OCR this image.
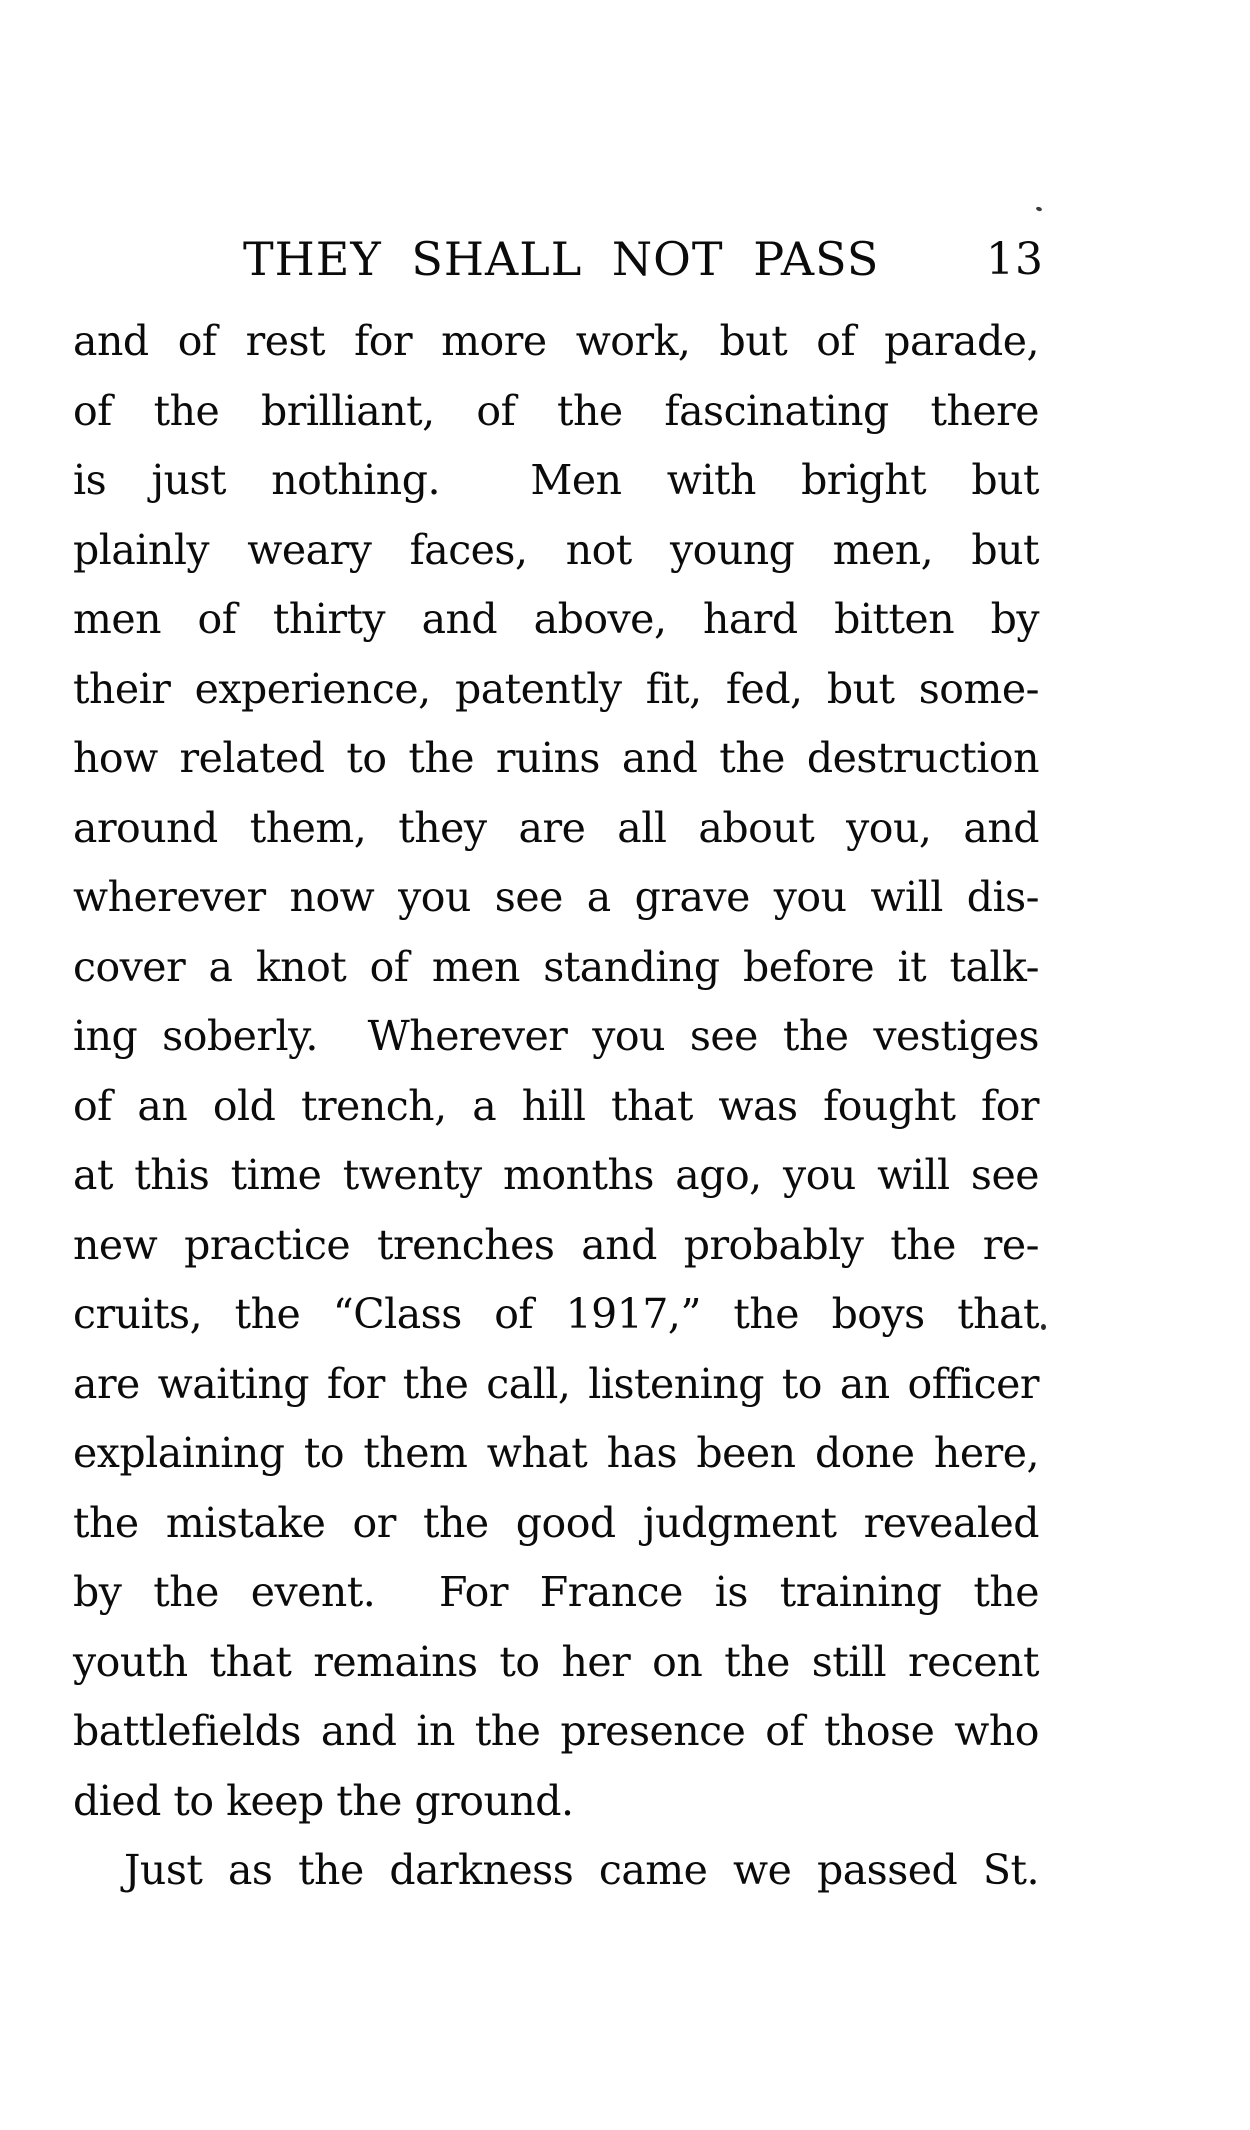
THEY SHALL NOT PASS 13
and of rest for more work, but of parade,
of the brilliant, of the fascinating there
is just nothing.  Men with bright but
plainly weary faces, not young men, but
men of thirty and above, hard bitten by
their experience, patently fit, fed, but some-
how related to the ruins and the destruction
around them, they are all about you, and
wherever now you see a grave you will dis-
cover a knot of men standing before it talk-
ing soberly.  Wherever you see the vestiges
of an old trench, a hill that was fought for
at this time twenty months ago, you will see
new practice trenches and probably the re-
cruits, the “Class of 1917,” the boys that
are waiting for the call, listening to an officer
explaining to them what has been done here,
the mistake or the good judgment revealed
by the event.  For France is training the
youth that remains to her on the still recent
battlefields and in the presence of those who
died to keep the ground.
Just as the darkness came we passed St.
